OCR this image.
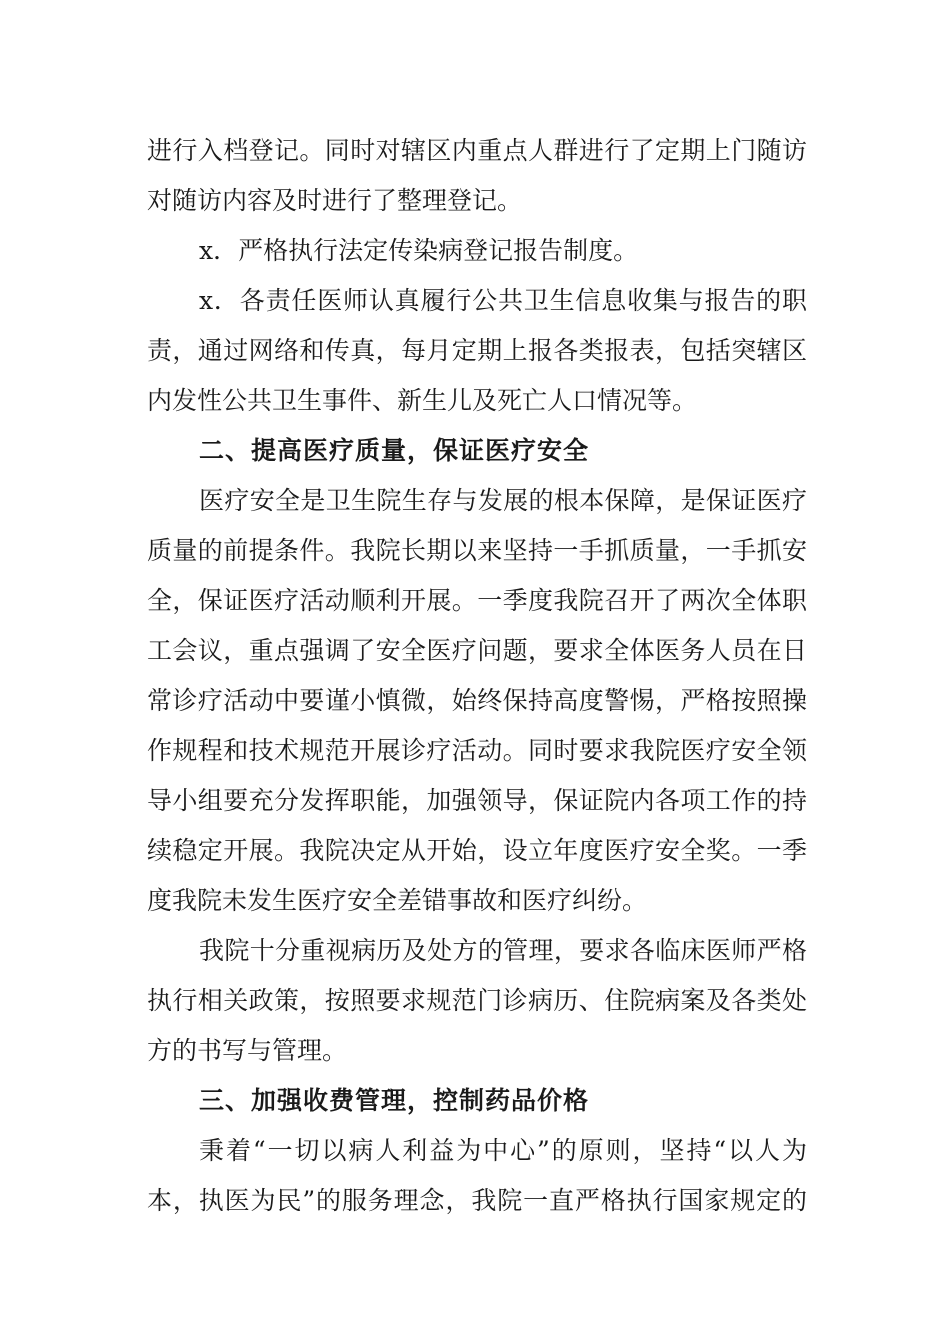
进行入档登记。同时对辖区内重点人群进行了定期上门随访
对随访内容及时进行了整理登记。
x．严格执行法定传染病登记报告制度。
x．各责任医师认真履行公共卫生信息收集与报告的职
责，通过网络和传真，每月定期上报各类报表，包括突辖区
内发性公共卫生事件、新生儿及死亡人口情况等。
二、提高医疗质量，保证医疗安全
医疗安全是卫生院生存与发展的根本保障，是保证医疗
质量的前提条件。我院长期以来坚持一手抓质量，一手抓安
全，保证医疗活动顺利开展。一季度我院召开了两次全体职
工会议，重点强调了安全医疗问题，要求全体医务人员在日
常诊疗活动中要谨小慎微，始终保持高度警惕，严格按照操
作规程和技术规范开展诊疗活动。同时要求我院医疗安全领
导小组要充分发挥职能，加强领导，保证院内各项工作的持
续稳定开展。我院决定从开始，设立年度医疗安全奖。一季
度我院未发生医疗安全差错事故和医疗纠纷。
我院十分重视病历及处方的管理，要求各临床医师严格
执行相关政策，按照要求规范门诊病历、住院病案及各类处
方的书写与管理。
三、加强收费管理，控制药品价格
秉着“一切以病人利益为中心”的原则，坚持“以人为
本，执医为民”的服务理念，我院一直严格执行国家规定的
